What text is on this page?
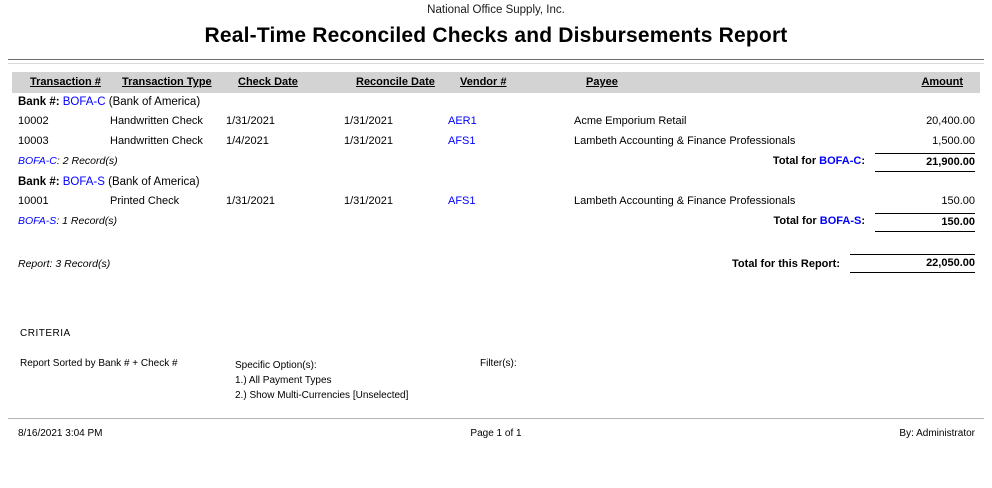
National Office Supply, Inc.
Real-Time Reconciled Checks and Disbursements Report
Transaction # Transaction Type Check Date	Reconcile Date Vendor #	Payee	Amount
Bank #: BOFA-C (Bank of America)
10002	Handwritten Check 1/31/2021	1/31/2021	AER1	Acme Emporium Retail	20,400.00
10003	Handwritten Check 1/4/2021	1/31/2021	AFS1	Lambeth Accounting & Finance Professionals	1,500.00
BOFA-C: 2 Record(s)	Total for BOFA-C:	21,900.00
Bank #: BOFA-S (Bank of America)
10001	Printed Check	1/31/2021	1/31/2021	AFS1	Lambeth Accounting & Finance Professionals	150.00
BOFA-S: 1 Record(s)	Total for BOFA-S:	150.00
Report: 3 Record(s)	Total for this Report:	22,050.00
CRITERIA
Report Sorted by Bank # + Check #	Specific Option(s):
1.) All Payment Types
2.) Show Multi-Currencies [Unselected]
Filter(s):
8/16/2021 3:04 PM	Page 1 of 1	By: Administrator
